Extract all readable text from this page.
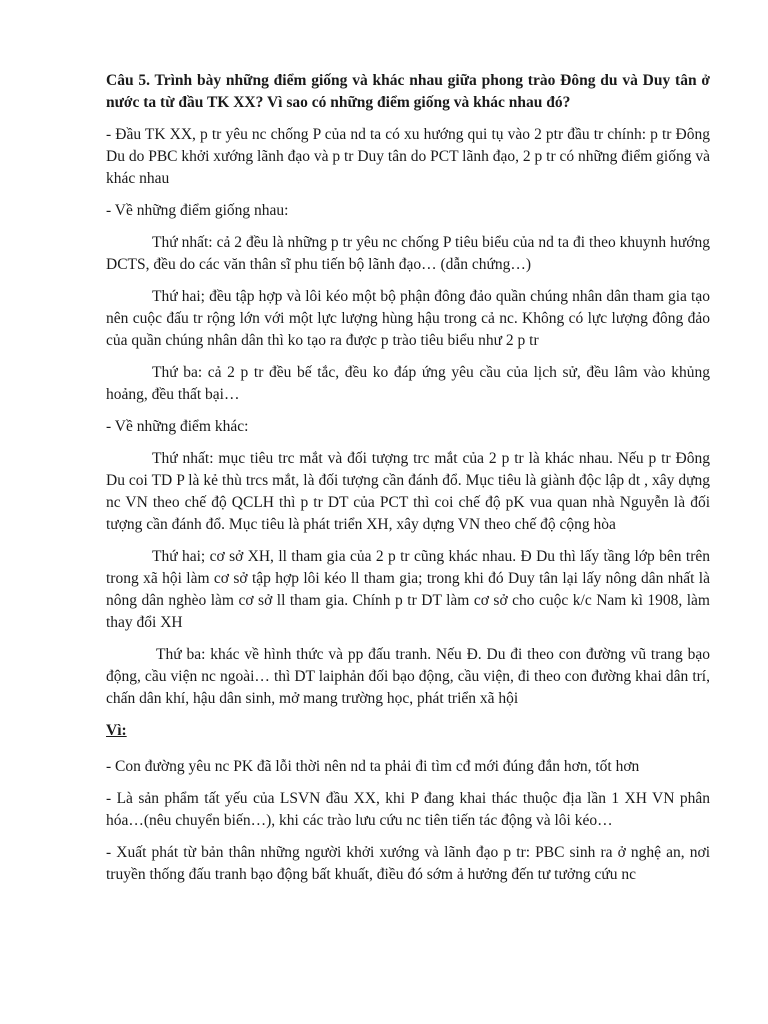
Câu 5. Trình bày những điểm giống và khác nhau giữa phong trào Đông du và Duy tân ở nước ta từ đầu TK XX? Vì sao có những điểm giống và khác nhau đó?

- Đầu TK XX, p tr yêu nc chống P của nd ta có xu hướng qui tụ vào 2 ptr đầu tr chính: p tr Đông Du do PBC khởi xướng lãnh đạo và p tr Duy tân do PCT lãnh đạo, 2 p tr có những điểm giống và khác nhau

- Về những điểm giống nhau:

Thứ nhất: cả 2 đều là những p tr yêu nc chống P tiêu biểu của nd ta đi theo khuynh hướng DCTS, đều do các văn thân sĩ phu tiến bộ lãnh đạo… (dẫn chứng…)

Thứ hai; đều tập hợp và lôi kéo một bộ phận đông đảo quần chúng nhân dân tham gia tạo nên cuộc đấu tr rộng lớn với một lực lượng hùng hậu trong cả nc. Không có lực lượng đông đảo của quần chúng nhân dân thì ko tạo ra được p trào tiêu biểu như 2 p tr

Thứ ba: cả 2 p tr đều bế tắc, đều ko đáp ứng yêu cầu của lịch sử, đều lâm vào khủng hoảng, đều thất bại…

- Về những điểm khác:

Thứ nhất: mục tiêu trc mắt và đối tượng trc mắt của 2 p tr là khác nhau. Nếu p tr Đông Du coi TD P là kẻ thù trcs mắt, là đối tượng cần đánh đổ. Mục tiêu là giành độc lập dt , xây dựng nc VN theo chế độ QCLH thì p tr DT của PCT thì coi chế độ pK vua quan nhà Nguyễn là đối tượng cần đánh đổ. Mục tiêu là phát triển XH, xây dựng VN theo chế độ cộng hòa

Thứ hai; cơ sở XH, ll tham gia của 2 p tr cũng khác nhau. Đ Du thì lấy tầng lớp bên trên trong xã hội làm cơ sở tập hợp lôi kéo ll tham gia; trong khi đó Duy tân lại lấy nông dân nhất là nông dân nghèo làm cơ sở ll tham gia. Chính p tr DT làm cơ sở cho cuộc k/c Nam kì 1908, làm thay đổi XH

Thứ ba: khác về hình thức và pp đấu tranh. Nếu Đ. Du đi theo con đường vũ trang bạo động, cầu viện nc ngoài… thì DT laiphản đối bạo động, cầu viện, đi theo con đường khai dân trí, chấn dân khí, hậu dân sinh, mở mang trường học, phát triển xã hội

Vì:

- Con đường yêu nc PK đã lỗi thời nên nd ta phải đi tìm cđ mới đúng đắn hơn, tốt hơn

- Là sản phẩm tất yếu của LSVN đầu XX, khi P đang khai thác thuộc địa lần 1 XH VN phân hóa…(nêu chuyển biến…), khi các trào lưu cứu nc tiên tiến tác động và lôi kéo…

- Xuất phát từ bản thân những người khởi xướng và lãnh đạo p tr: PBC sinh ra ở nghệ an, nơi truyền thống đấu tranh bạo động bất khuất, điều đó sớm ả hưởng đến tư tưởng cứu nc
